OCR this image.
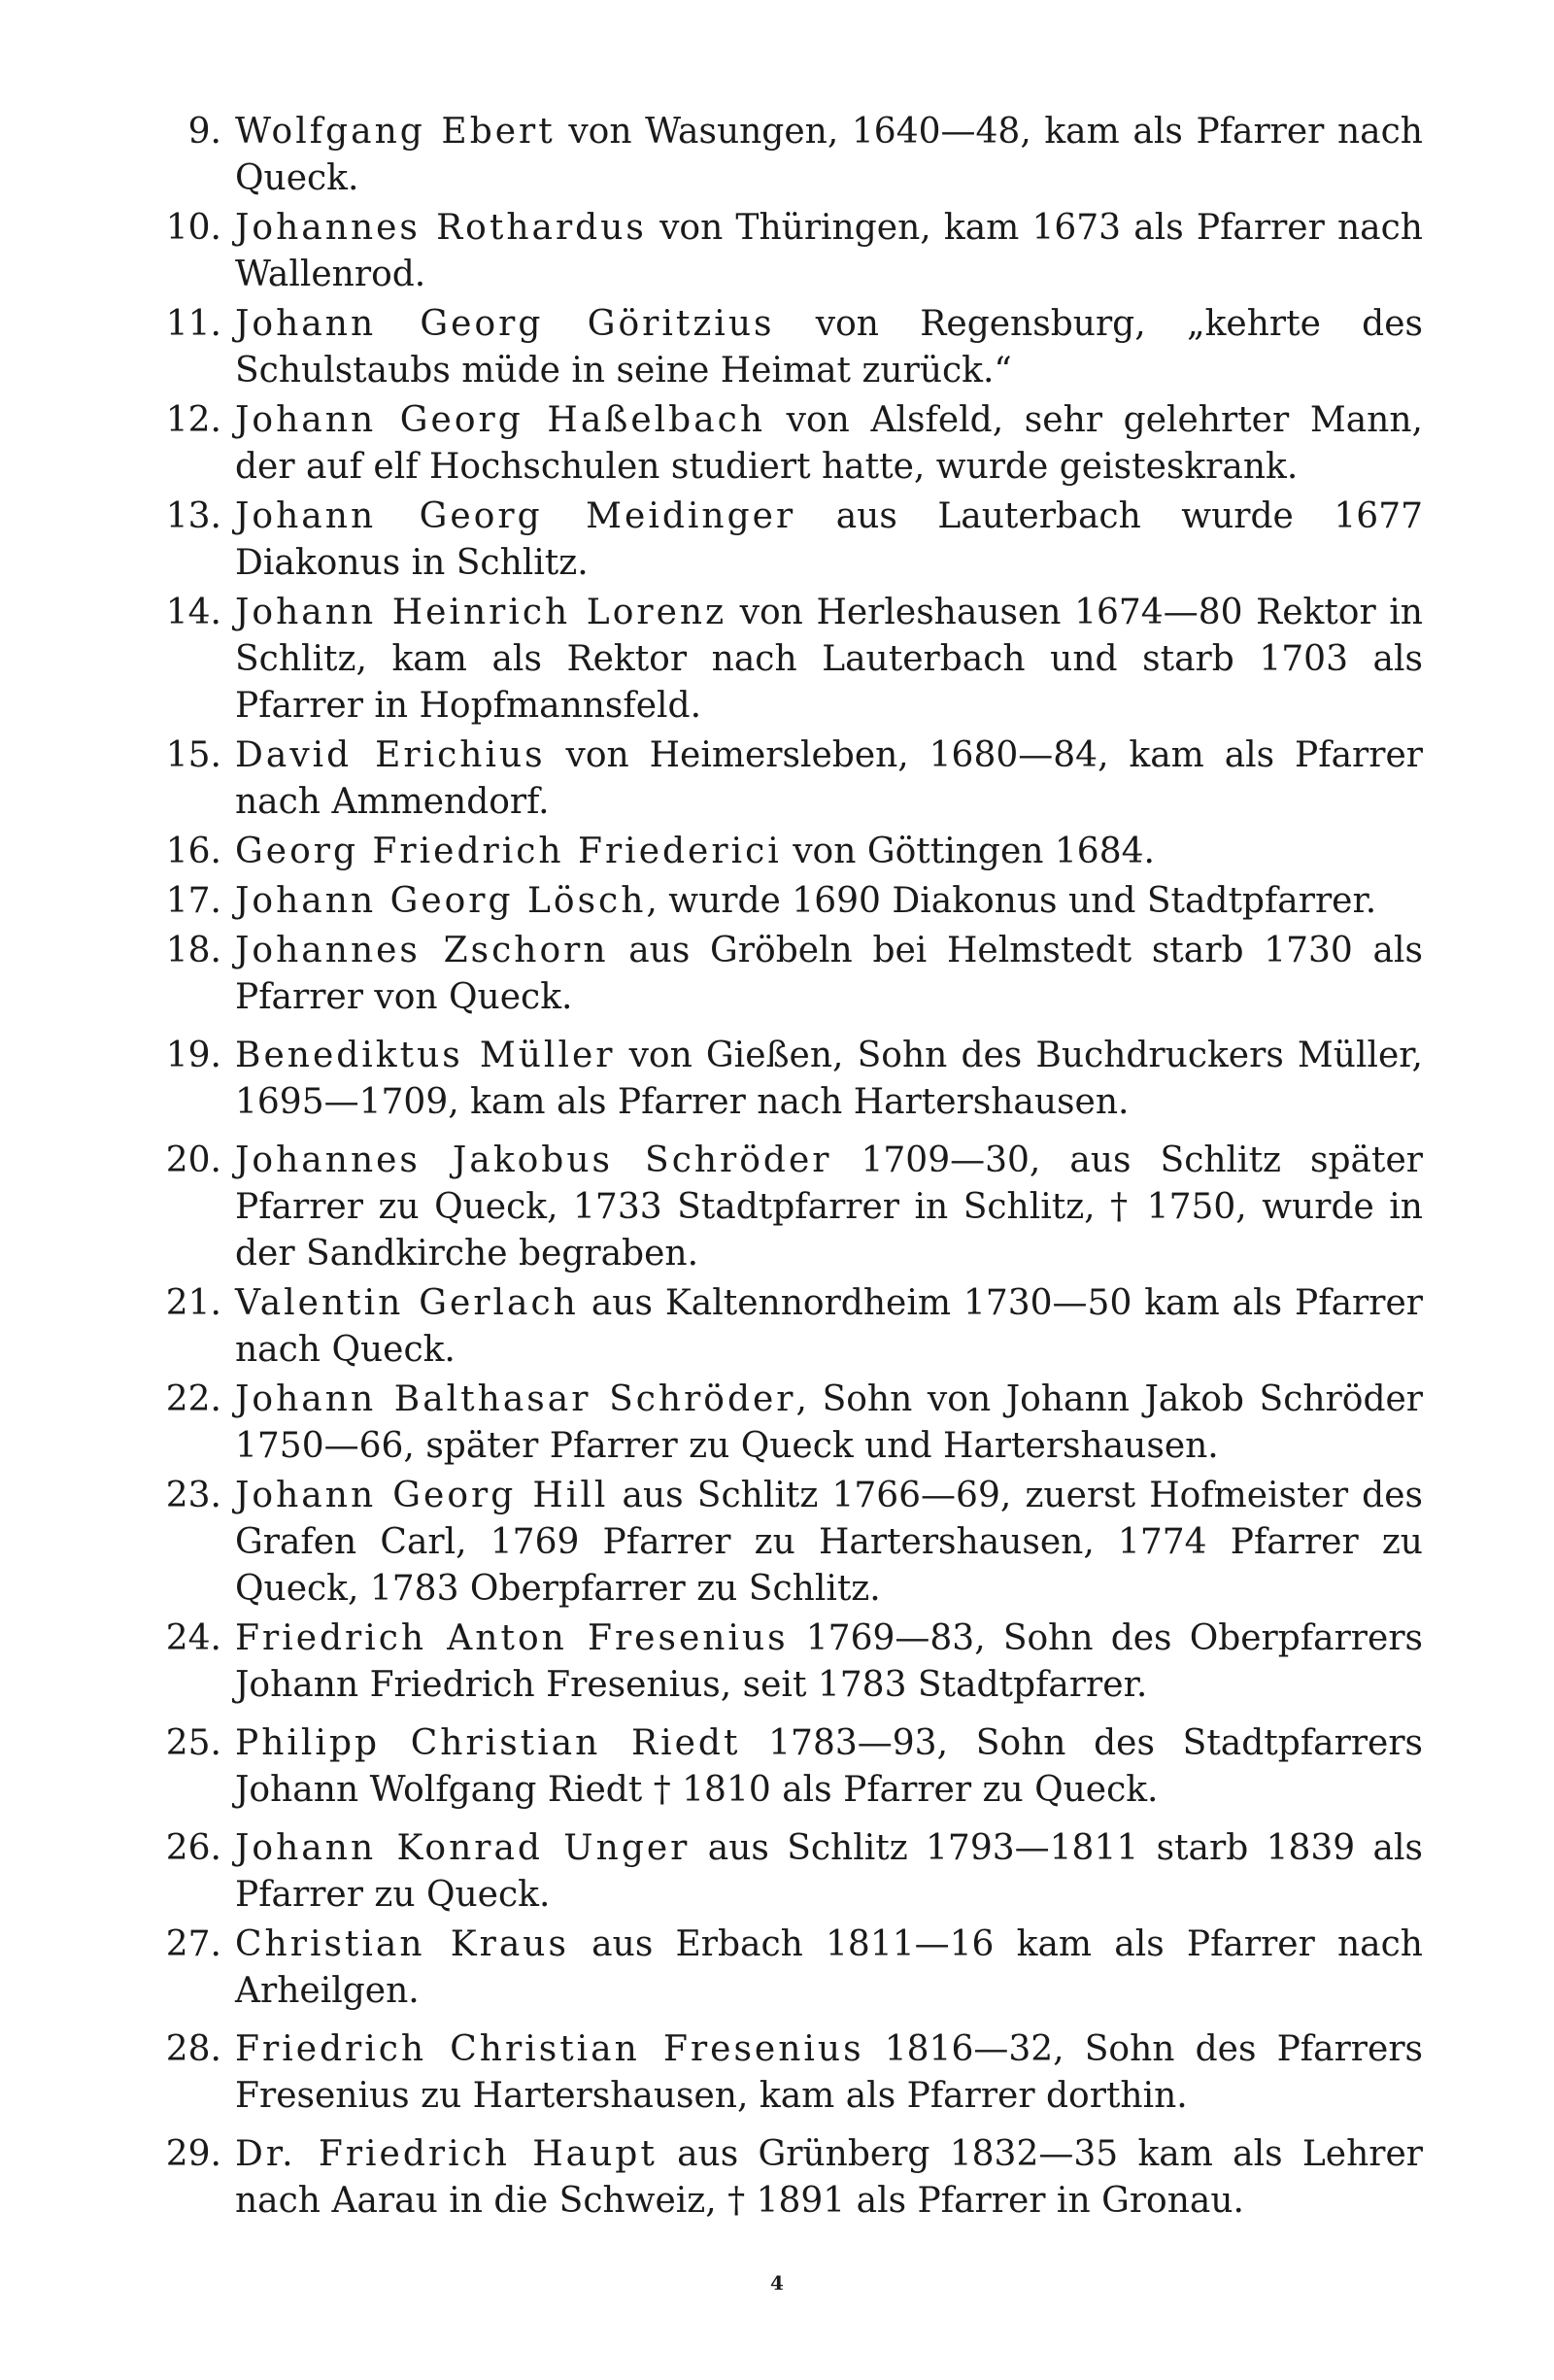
9. Wolfgang Ebert von Wasungen, 1640—48, kam als Pfarrer nach Queck.
10. Johannes Rothardus von Thüringen, kam 1673 als Pfarrer nach Wallenrod.
11. Johann Georg Göritzius von Regensburg, „kehrte des Schulstaubs müde in seine Heimat zurück.“
12. Johann Georg Haßelbach von Alsfeld, sehr gelehrter Mann, der auf elf Hochschulen studiert hatte, wurde geisteskrank.
13. Johann Georg Meidinger aus Lauterbach wurde 1677 Diakonus in Schlitz.
14. Johann Heinrich Lorenz von Herleshausen 1674—80 Rektor in Schlitz, kam als Rektor nach Lauterbach und starb 1703 als Pfarrer in Hopfmannsfeld.
15. David Erichius von Heimersleben, 1680—84, kam als Pfarrer nach Ammendorf.
16. Georg Friedrich Friederici von Göttingen 1684.
17. Johann Georg Lösch, wurde 1690 Diakonus und Stadtpfarrer.
18. Johannes Zschorn aus Gröbeln bei Helmstedt starb 1730 als Pfarrer von Queck.
19. Benediktus Müller von Gießen, Sohn des Buchdruckers Müller, 1695—1709, kam als Pfarrer nach Hartershausen.
20. Johannes Jakobus Schröder 1709—30, aus Schlitz später Pfarrer zu Queck, 1733 Stadtpfarrer in Schlitz, † 1750, wurde in der Sandkirche begraben.
21. Valentin Gerlach aus Kaltennordheim 1730—50 kam als Pfarrer nach Queck.
22. Johann Balthasar Schröder, Sohn von Johann Jakob Schröder 1750—66, später Pfarrer zu Queck und Hartershausen.
23. Johann Georg Hill aus Schlitz 1766—69, zuerst Hofmeister des Grafen Carl, 1769 Pfarrer zu Hartershausen, 1774 Pfarrer zu Queck, 1783 Oberpfarrer zu Schlitz.
24. Friedrich Anton Fresenius 1769—83, Sohn des Oberpfarrers Johann Friedrich Fresenius, seit 1783 Stadtpfarrer.
25. Philipp Christian Riedt 1783—93, Sohn des Stadtpfarrers Johann Wolfgang Riedt † 1810 als Pfarrer zu Queck.
26. Johann Konrad Unger aus Schlitz 1793—1811 starb 1839 als Pfarrer zu Queck.
27. Christian Kraus aus Erbach 1811—16 kam als Pfarrer nach Arheilgen.
28. Friedrich Christian Fresenius 1816—32, Sohn des Pfarrers Fresenius zu Hartershausen, kam als Pfarrer dorthin.
29. Dr. Friedrich Haupt aus Grünberg 1832—35 kam als Lehrer nach Aarau in die Schweiz, † 1891 als Pfarrer in Gronau.
4
